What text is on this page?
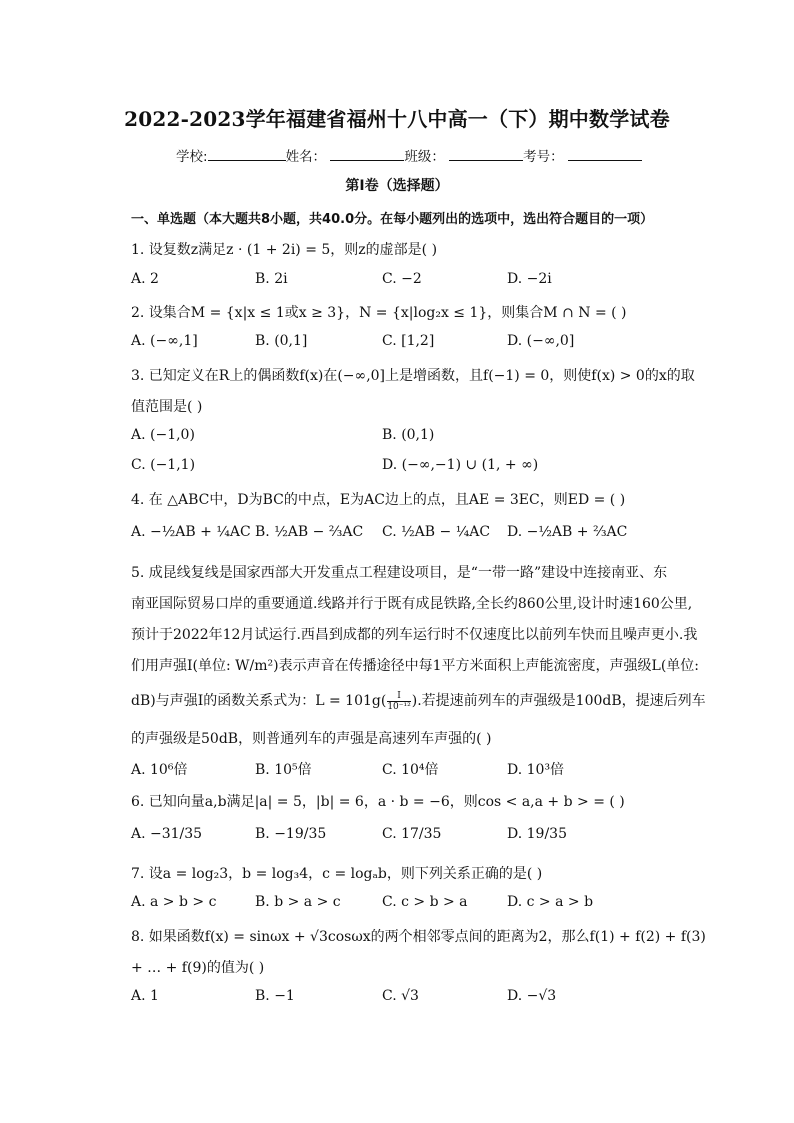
2022-2023学年福建省福州十八中高一（下）期中数学试卷
学校:	姓名：	班级：	考号：
第I卷（选择题）
一、单选题（本大题共8小题，共40.0分。在每小题列出的选项中，选出符合题目的一项）
1. 设复数z满足z · (1 + 2i) = 5，则z的虚部是( )
A. 2	B. 2i	C. −2	D. −2i
2. 设集合M = {x|x ≤ 1或x ≥ 3}，N = {x|log₂x ≤ 1}，则集合M ∩ N = ( )
A. (−∞,1]	B. (0,1]	C. [1,2]	D. (−∞,0]
3. 已知定义在R上的偶函数f(x)在(−∞,0]上是增函数，且f(−1) = 0，则使f(x) > 0的x的取
值范围是( )
A. (−1,0)	B. (0,1)
C. (−1,1)	D. (−∞,−1) ∪ (1, + ∞)
4. 在 △ABC中，D为BC的中点，E为AC边上的点，且AE = 3EC，则ED = ( )
A. −½AB + ¼AC B. ½AB − ⅔AC C. ½AB − ¼AC D. −½AB + ⅔AC
5. 成昆线复线是国家西部大开发重点工程建设项目，是“一带一路”建设中连接南亚、东
南亚国际贸易口岸的重要通道.线路并行于既有成昆铁路,全长约860公里,设计时速160公里,
预计于2022年12月试运行.西昌到成都的列车运行时不仅速度比以前列车快而且噪声更小.我
们用声强I(单位: W/m²)表示声音在传播途径中每1平方米面积上声能流密度，声强级L(单位:
dB)与声强I的函数关系式为：$L = 101g( \frac{I}{\text{10⁻¹²}}$ ).若提速前列车的声强级是100dB，提速后列车
的声强级是50dB，则普通列车的声强是高速列车声强的( )
A. 10⁶倍	B. 10⁵倍	C. 10⁴倍	D. 10³倍
6. 已知向量a,b满足|a| = 5，|b| = 6，a · b = −6，则cos < a,a + b > = ( )
A. −31/35	B. −19/35	C. 17/35	D. 19/35
7. 设a = log₂3，b = log₃4，c = logₐb，则下列关系正确的是( )
A. a > b > c	B. b > a > c	C. c > b > a	D. c > a > b
8. 如果函数f(x) = sinωx + √3cosωx的两个相邻零点间的距离为2，那么f(1) + f(2) + f(3)
+ … + f(9)的值为( )
A. 1	B. −1	C. √3	D. −√3
